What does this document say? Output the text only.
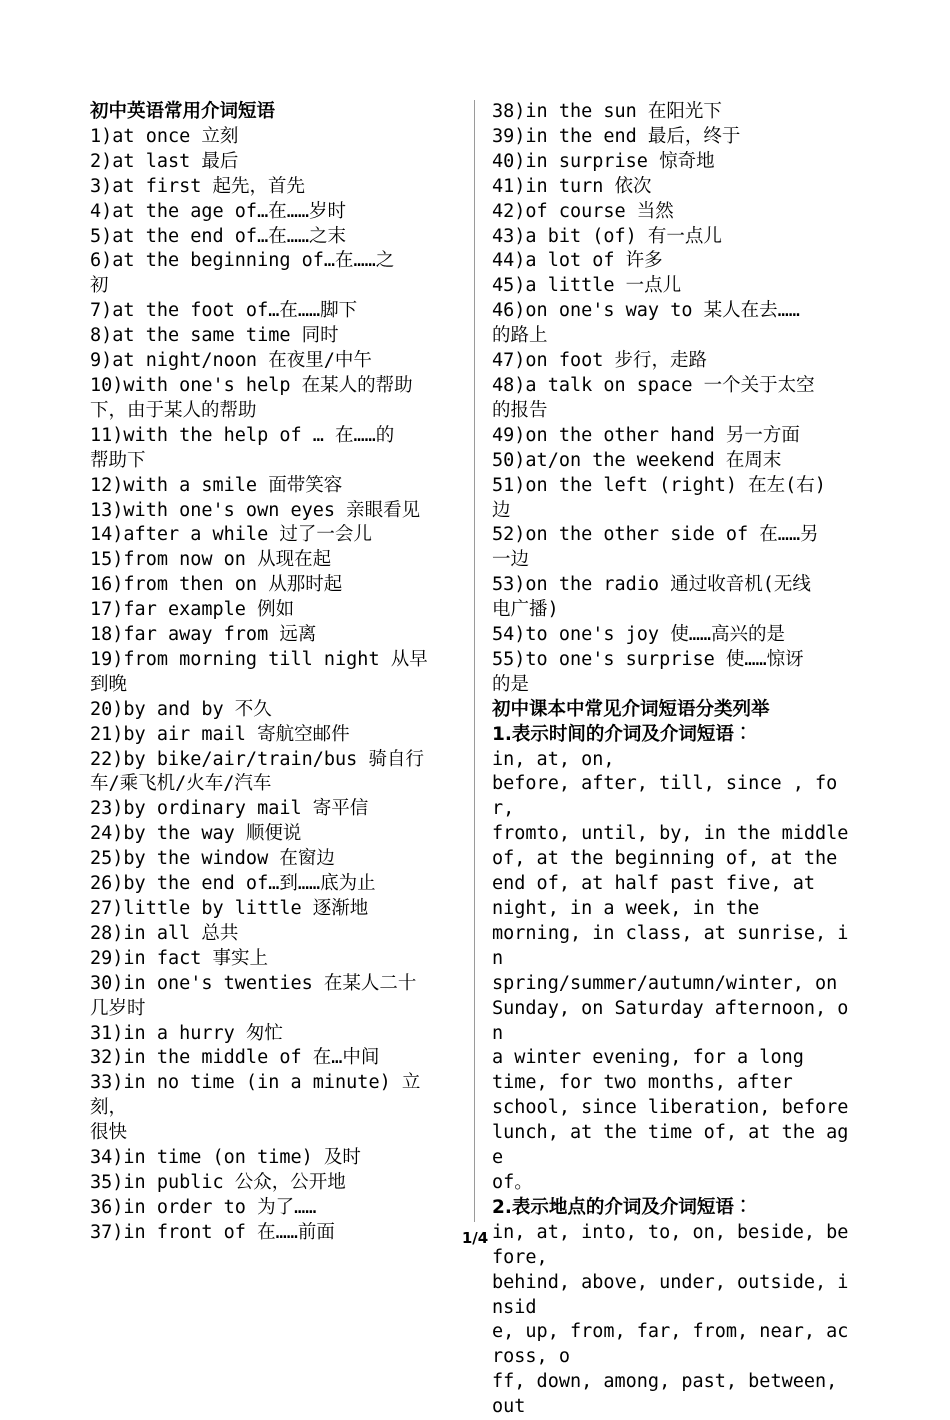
初中英语常用介词短语
1)at once 立刻
2)at last 最后
3)at first 起先，首先
4)at the age of…在……岁时
5)at the end of…在……之末
6)at the beginning of…在……之
初
7)at the foot of…在……脚下
8)at the same time 同时
9)at night/noon 在夜里/中午
10)with one's help 在某人的帮助
下，由于某人的帮助
11)with the help of … 在……的
帮助下
12)with a smile 面带笑容
13)with one's own eyes 亲眼看见
14)after a while 过了一会儿
15)from now on 从现在起
16)from then on 从那时起
17)far example 例如
18)far away from 远离
19)from morning till night 从早
到晚
20)by and by 不久
21)by air mail 寄航空邮件
22)by bike/air/train/bus 骑自行
车/乘飞机/火车/汽车
23)by ordinary mail 寄平信
24)by the way 顺便说
25)by the window 在窗边
26)by the end of…到……底为止
27)little by little 逐渐地
28)in all 总共
29)in fact 事实上
30)in one's twenties 在某人二十
几岁时
31)in a hurry 匆忙
32)in the middle of 在…中间
33)in no time (in a minute) 立刻，
很快
34)in time (on time) 及时
35)in public 公众，公开地
36)in order to 为了……
37)in front of 在……前面
38)in the sun 在阳光下
39)in the end 最后，终于
40)in surprise 惊奇地
41)in turn 依次
42)of course 当然
43)a bit (of) 有一点儿
44)a lot of 许多
45)a little 一点儿
46)on one's way to 某人在去……
的路上
47)on foot 步行，走路
48)a talk on space 一个关于太空
的报告
49)on the other hand 另一方面
50)at/on the weekend 在周末
51)on the left (right) 在左(右)
边
52)on the other side of 在……另
一边
53)on the radio 通过收音机(无线
电广播)
54)to one's joy 使……高兴的是
55)to one's surprise 使……惊讶
的是
初中课本中常见介词短语分类列举
1.表示时间的介词及介词短语︰
in, at, on,
before, after, till, since , for,
fromto, until, by, in the middle
of, at the beginning of, at the
end of, at half past five, at
night, in a week, in the
morning, in class, at sunrise, in
spring/summer/autumn/winter, on
Sunday, on Saturday afternoon, on
a winter evening, for a long
time, for two months, after
school, since liberation, before
lunch, at the time of, at the age
of。
2.表示地点的介词及介词短语︰
in, at, into, to, on, beside, before,
behind, above, under, outside, insid
e, up, from, far, from, near, across, o
ff, down, among, past, between, out
1/4
